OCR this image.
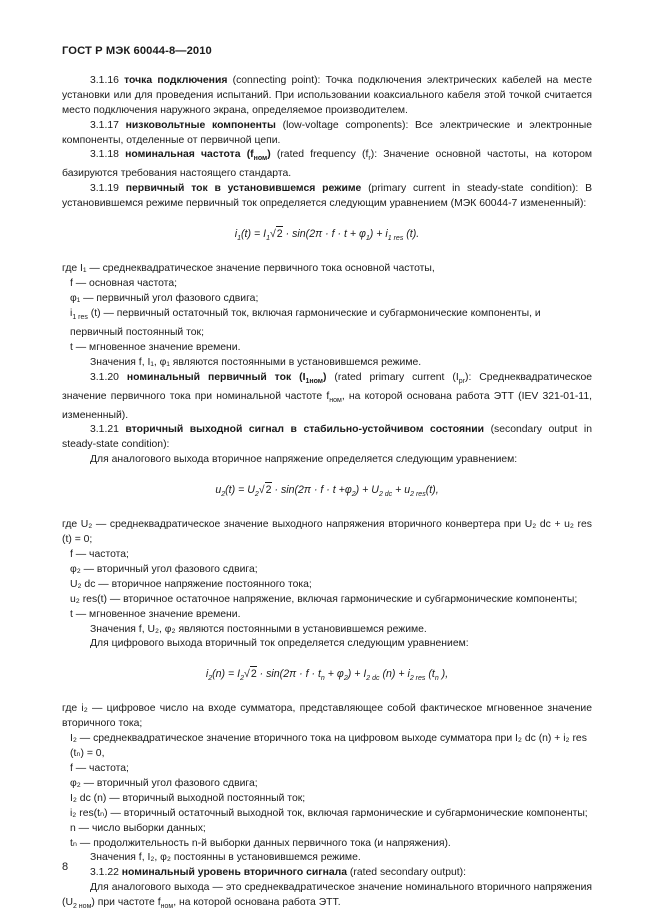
ГОСТ Р МЭК 60044-8—2010

3.1.16 точка подключения (connecting point): Точка подключения электрических кабелей на месте установки или для проведения испытаний. При использовании коаксиального кабеля этой точкой считается место подключения наружного экрана, определяемое производителем.

3.1.17 низковольтные компоненты (low-voltage components): Все электрические и электронные компоненты, отделенные от первичной цепи.

3.1.18 номинальная частота $(f_{ном})$ (rated frequency $(f_r)$: Значение основной частоты, на котором базируются требования настоящего стандарта.

3.1.19 первичный ток в установившемся режиме (primary current in steady-state condition): В установившемся режиме первичный ток определяется следующим уравнением (МЭК 60044-7 измененный):

$i_1(t) = I_1√2 \cdot \sin(2\pi \cdot f \cdot t + \varphi_1) + i_{1 res}$ (t).

где I₁ — среднеквадратическое значение первичного тока основной частоты,

f — основная частота;

φ₁ — первичный угол фазового сдвига;

$i_{1 res}$ (t) — первичный остаточный ток, включая гармонические и субгармонические компоненты, и первичный постоянный ток;

t — мгновенное значение времени.

Значения f, I₁, φ₁ являются постоянными в установившемся режиме.

3.1.20 номинальный первичный ток $(I_{1ном})$ (rated primary current $(I_{pr})$: Среднеквадратическое значение первичного тока при номинальной частоте $f_{ном}$, на которой основана работа ЭТТ (IEV 321-01-11, измененный).

3.1.21 вторичный выходной сигнал в стабильно-устойчивом состоянии (secondary output in steady-state condition):

Для аналогового выхода вторичное напряжение определяется следующим уравнением:

$u_2(t) = U_2√2 \cdot \sin(2\pi \cdot f \cdot t +\varphi_2) + U_{2 dc} + u_{2 res}(t)$,

где U₂ — среднеквадратическое значение выходного напряжения вторичного конвертера при U₂ dc + u₂ res (t) = 0;

f — частота;

φ₂ — вторичный угол фазового сдвига;

U₂ dc — вторичное напряжение постоянного тока;

u₂ res(t) — вторичное остаточное напряжение, включая гармонические и субгармонические компоненты;

t — мгновенное значение времени.

Значения f, U₂, φ₂ являются постоянными в установившемся режиме.

Для цифрового выхода вторичный ток определяется следующим уравнением:

$i_2(n) = I_2√2 \cdot \sin(2\pi \cdot f \cdot t_n + \varphi_2) + I_{2 dc}$ $(n) + i_{2 res}$ ($t_n$ ),

где i₂ — цифровое число на входе сумматора, представляющее собой фактическое мгновенное значение вторичного тока;

I₂ — среднеквадратическое значение вторичного тока на цифровом выходе сумматора при I₂ dc (n) + i₂ res (tₙ) = 0,

f — частота;

φ₂ — вторичный угол фазового сдвига;

I₂ dc (n) — вторичный выходной постоянный ток;

i₂ res(tₙ) — вторичный остаточный выходной ток, включая гармонические и субгармонические компоненты;

n — число выборки данных;

tₙ — продолжительность n-й выборки данных первичного тока (и напряжения).

Значения f, I₂, φ₂ постоянны в установившемся режиме.

3.1.22 номинальный уровень вторичного сигнала (rated secondary output):

Для аналогового выхода — это среднеквадратическое значение номинального вторичного напряжения $(U_{2 ном})$ при частоте $f_{ном}$, на которой основана работа ЭТТ.

8
